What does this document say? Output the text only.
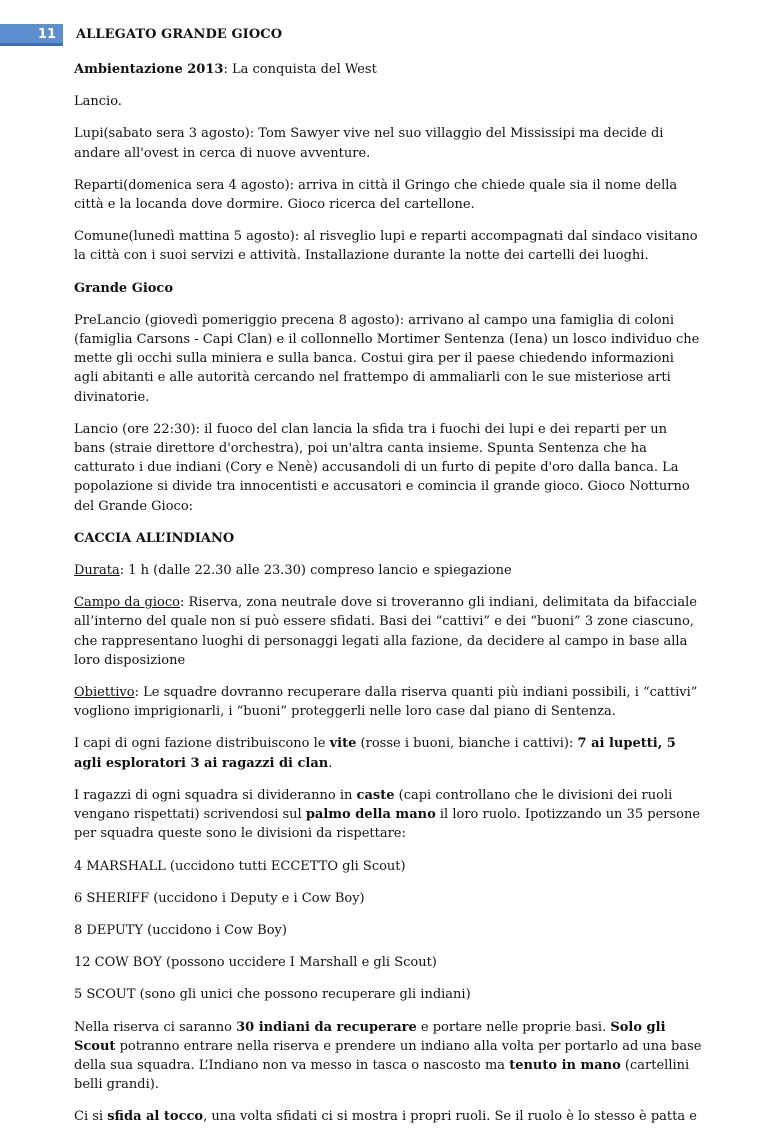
11	ALLEGATO GRANDE GIOCO

Ambientazione 2013: La conquista del West

Lancio.

Lupi(sabato sera 3 agosto): Tom Sawyer vive nel suo villaggio del Mississipi ma decide di andare all'ovest in cerca di nuove avventure.

Reparti(domenica sera 4 agosto): arriva in città il Gringo che chiede quale sia il nome della città e la locanda dove dormire. Gioco ricerca del cartellone.

Comune(lunedì mattina 5 agosto): al risveglio lupi e reparti accompagnati dal sindaco visitano la città con i suoi servizi e attività. Installazione durante la notte dei cartelli dei luoghi.

Grande Gioco

PreLancio (giovedì pomeriggio precena 8 agosto): arrivano al campo una famiglia di coloni (famiglia Carsons - Capi Clan) e il collonnello Mortimer Sentenza (Iena) un losco individuo che mette gli occhi sulla miniera e sulla banca. Costui gira per il paese chiedendo informazioni agli abitanti e alle autorità cercando nel frattempo di ammaliarli con le sue misteriose arti divinatorie.

Lancio (ore 22:30): il fuoco del clan lancia la sfida tra i fuochi dei lupi e dei reparti per un bans (straie direttore d'orchestra), poi un'altra canta insieme. Spunta Sentenza che ha catturato i due indiani (Cory e Nenè) accusandoli di un furto di pepite d'oro dalla banca. La popolazione si divide tra innocentisti e accusatori e comincia il grande gioco. Gioco Notturno del Grande Gioco:

CACCIA ALL’INDIANO

Durata: 1 h (dalle 22.30 alle 23.30) compreso lancio e spiegazione

Campo da gioco: Riserva, zona neutrale dove si troveranno gli indiani, delimitata da bifacciale all’interno del quale non si può essere sfidati. Basi dei “cattivi” e dei “buoni” 3 zone ciascuno, che rappresentano luoghi di personaggi legati alla fazione, da decidere al campo in base alla loro disposizione

Obiettivo: Le squadre dovranno recuperare dalla riserva quanti più indiani possibili, i “cattivi” vogliono imprigionarli, i “buoni” proteggerli nelle loro case dal piano di Sentenza.

I capi di ogni fazione distribuiscono le vite (rosse i buoni, bianche i cattivi): 7 ai lupetti, 5 agli esploratori 3 ai ragazzi di clan.

I ragazzi di ogni squadra si divideranno in caste (capi controllano che le divisioni dei ruoli vengano rispettati) scrivendosi sul palmo della mano il loro ruolo. Ipotizzando un 35 persone per squadra queste sono le divisioni da rispettare:

4 MARSHALL (uccidono tutti ECCETTO gli Scout)

6 SHERIFF (uccidono i Deputy e i Cow Boy)

8 DEPUTY (uccidono i Cow Boy)

12 COW BOY (possono uccidere I Marshall e gli Scout)

5 SCOUT (sono gli unici che possono recuperare gli indiani)

Nella riserva ci saranno 30 indiani da recuperare e portare nelle proprie basi. Solo gli Scout potranno entrare nella riserva e prendere un indiano alla volta per portarlo ad una base della sua squadra. L’Indiano non va messo in tasca o nascosto ma tenuto in mano (cartellini belli grandi).

Ci si sfida al tocco, una volta sfidati ci si mostra i propri ruoli. Se il ruolo è lo stesso è patta e
